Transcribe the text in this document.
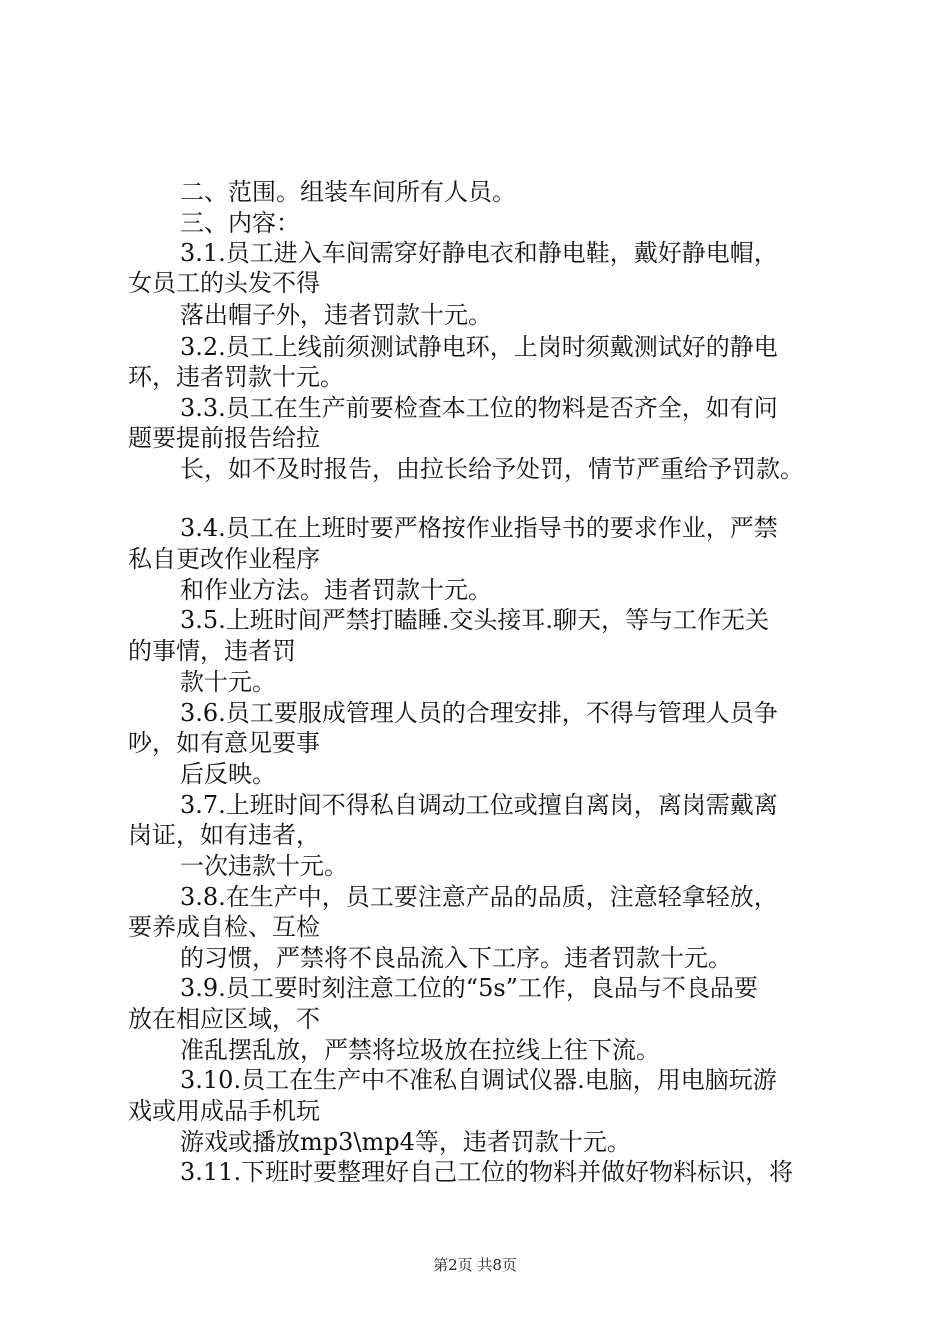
二、范围。组装车间所有人员。
三、内容：
3.1.员工进入车间需穿好静电衣和静电鞋，戴好静电帽，
女员工的头发不得
落出帽子外，违者罚款十元。
3.2.员工上线前须测试静电环，上岗时须戴测试好的静电
环，违者罚款十元。
3.3.员工在生产前要检查本工位的物料是否齐全，如有问
题要提前报告给拉
长，如不及时报告，由拉长给予处罚，情节严重给予罚款。
3.4.员工在上班时要严格按作业指导书的要求作业，严禁
私自更改作业程序
和作业方法。违者罚款十元。
3.5.上班时间严禁打瞌睡.交头接耳.聊天，等与工作无关
的事情，违者罚
款十元。
3.6.员工要服成管理人员的合理安排，不得与管理人员争
吵，如有意见要事
后反映。
3.7.上班时间不得私自调动工位或擅自离岗，离岗需戴离
岗证，如有违者，
一次违款十元。
3.8.在生产中，员工要注意产品的品质，注意轻拿轻放，
要养成自检、互检
的习惯，严禁将不良品流入下工序。违者罚款十元。
3.9.员工要时刻注意工位的“5s”工作，良品与不良品要
放在相应区域，不
准乱摆乱放，严禁将垃圾放在拉线上往下流。
3.10.员工在生产中不准私自调试仪器.电脑，用电脑玩游
戏或用成品手机玩
游戏或播放mp3\mp4等，违者罚款十元。
3.11.下班时要整理好自己工位的物料并做好物料标识，将
第2页 共8页
